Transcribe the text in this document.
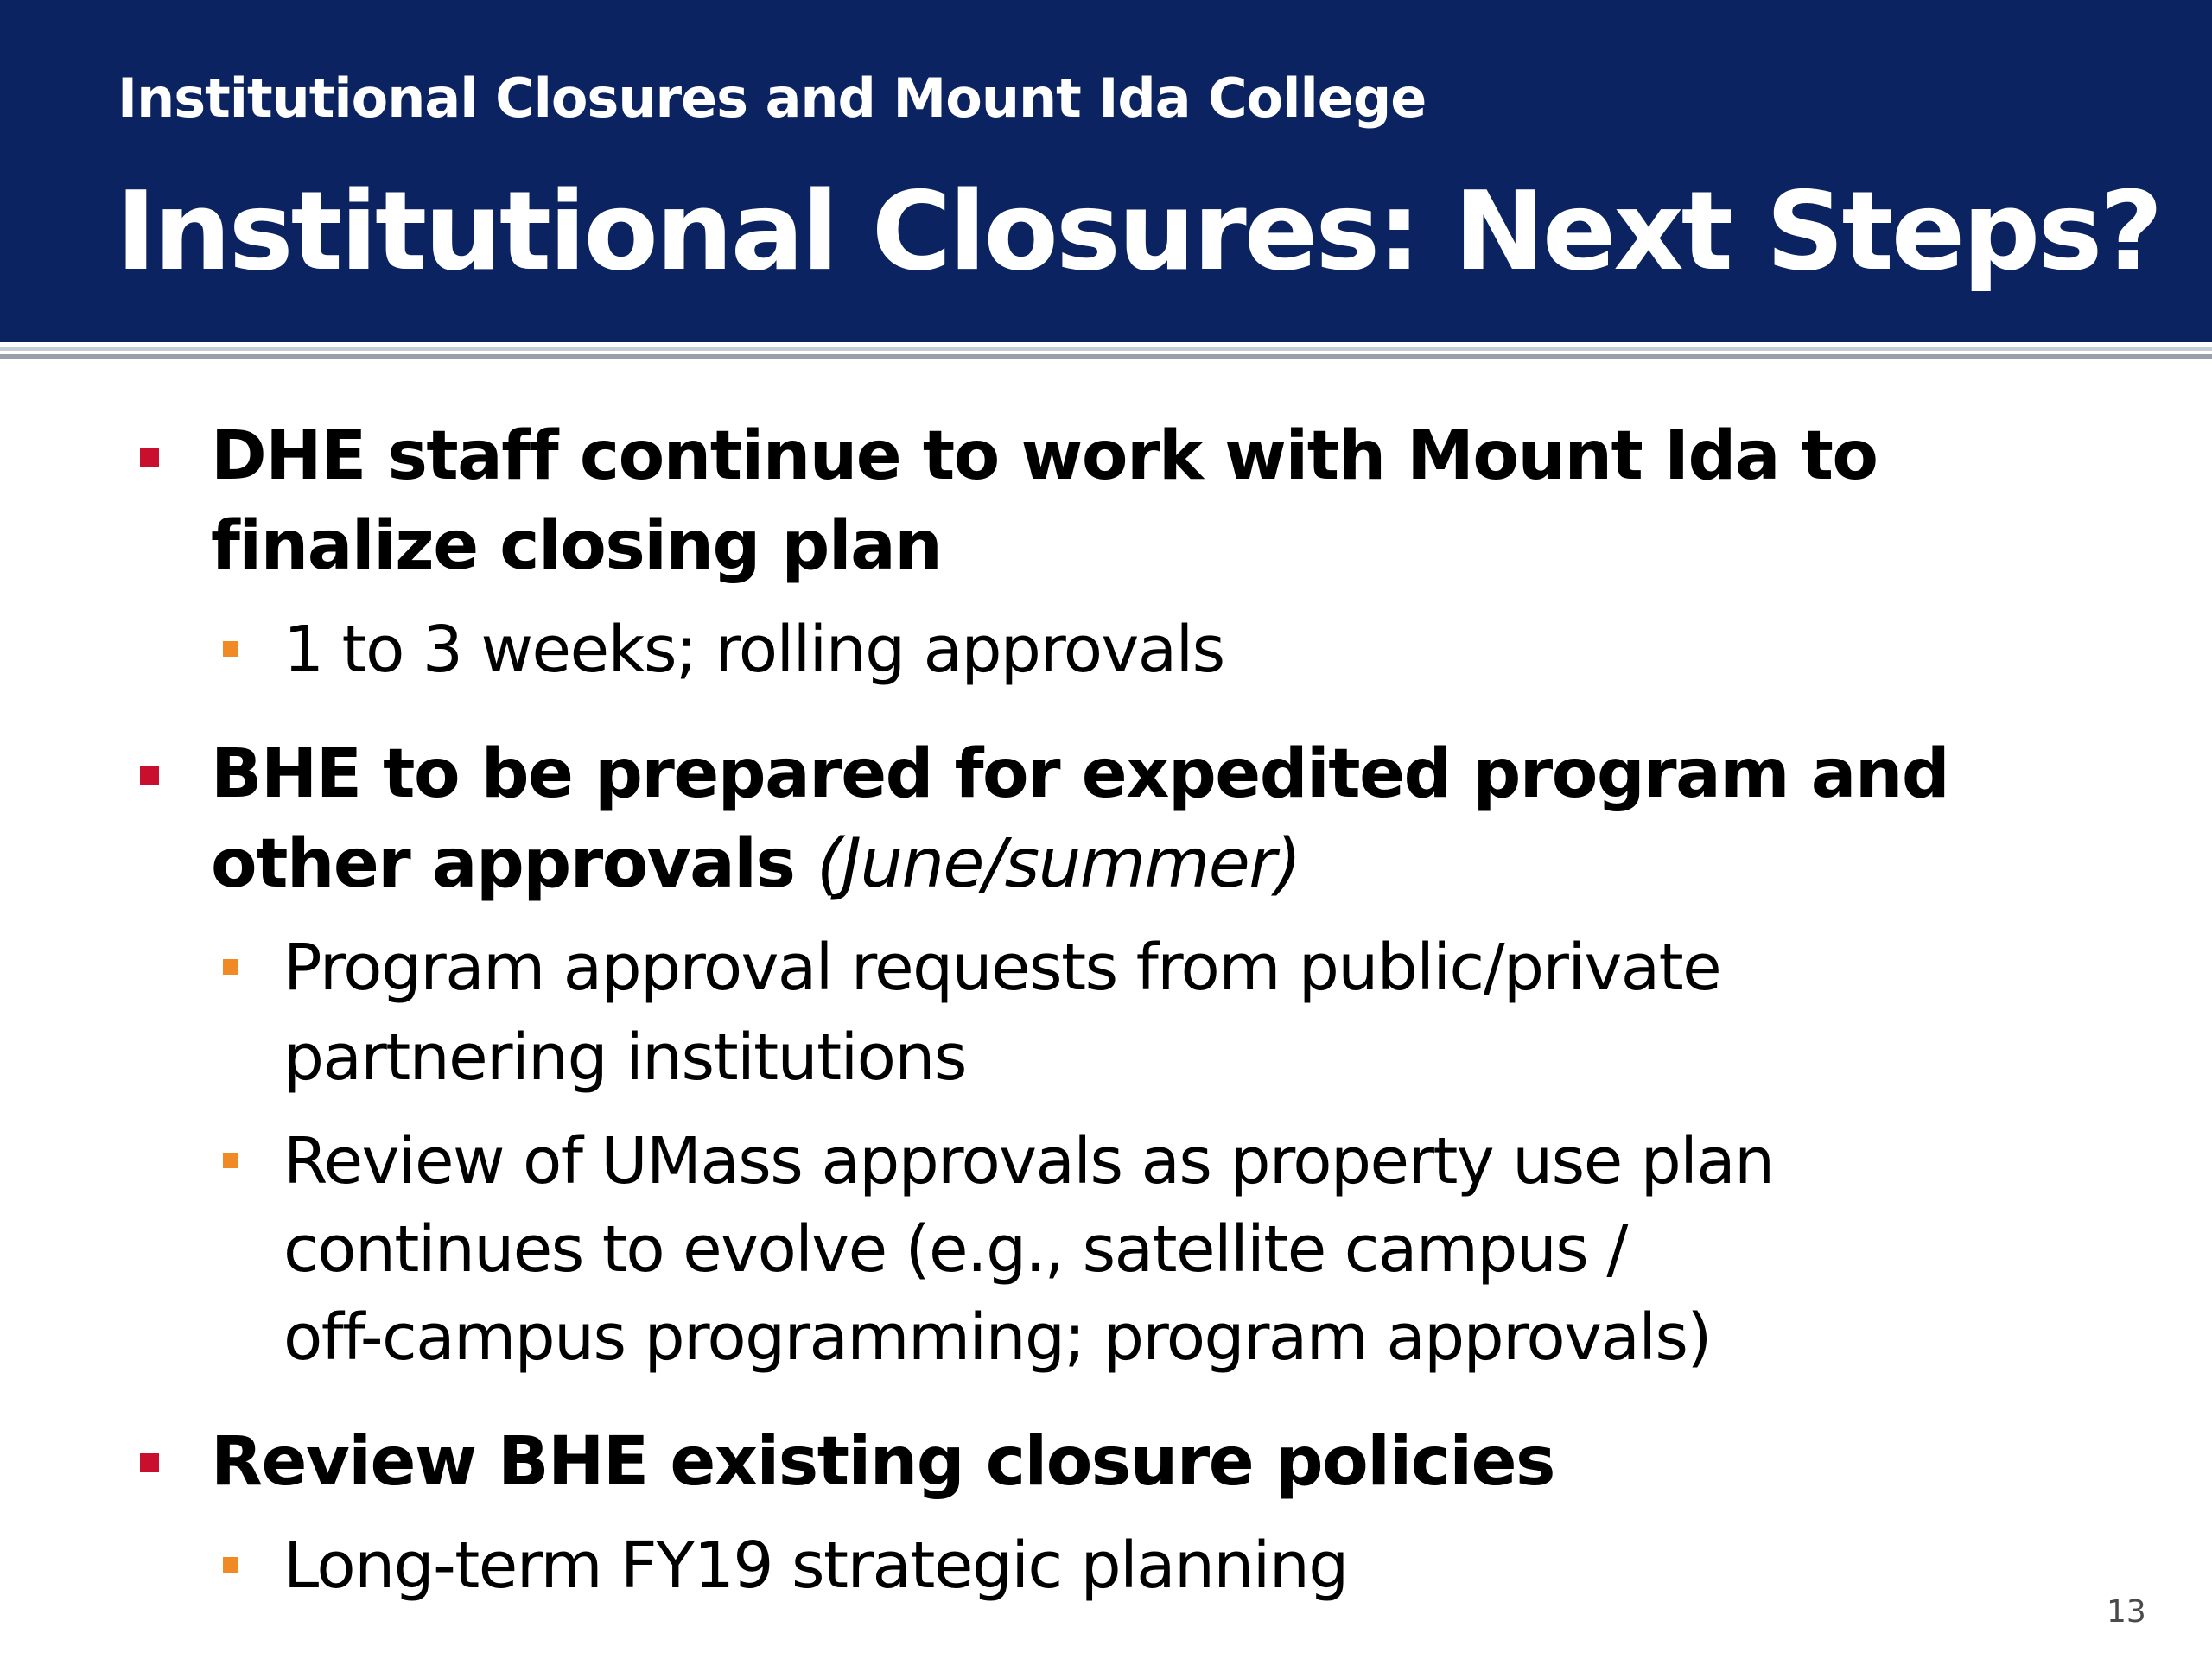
Institutional Closures and Mount Ida College
Institutional Closures: Next Steps?
DHE staff continue to work with Mount Ida to
finalize closing plan
1 to 3 weeks; rolling approvals
BHE to be prepared for expedited program and
other approvals (June/summer)
Program approval requests from public/private
partnering institutions
Review of UMass approvals as property use plan
continues to evolve (e.g., satellite campus /
off-campus programming; program approvals)
Review BHE existing closure policies
Long-term FY19 strategic planning
13
